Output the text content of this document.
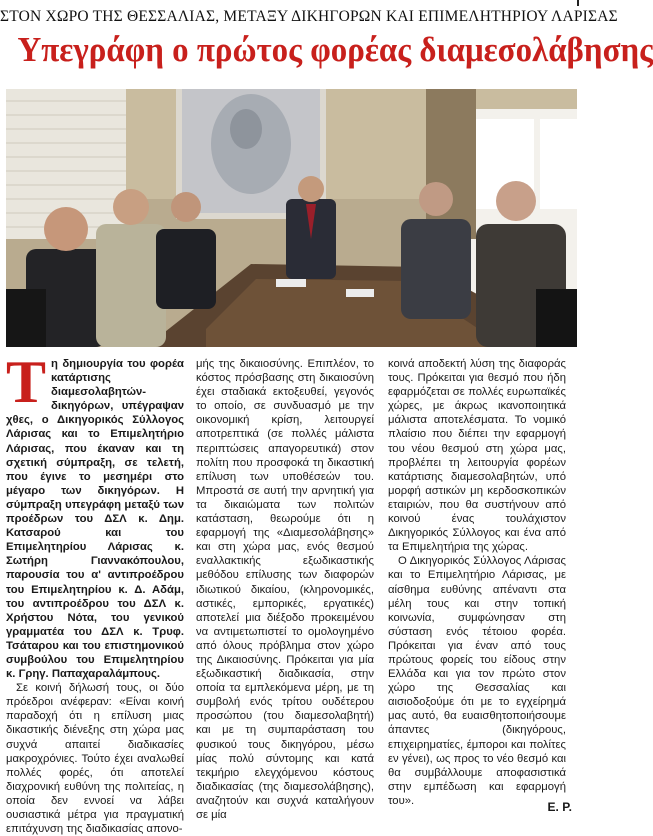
ΣΤΟΝ ΧΩΡΟ ΤΗΣ ΘΕΣΣΑΛΙΑΣ, ΜΕΤΑΞΥ ΔΙΚΗΓΟΡΩΝ ΚΑΙ ΕΠΙΜΕΛΗΤΗΡΙΟΥ ΛΑΡΙΣΑΣ
Υπεγράφη ο πρώτος φορέας διαμεσολάβησης

Τη δημιουργία του φορέα κατάρτισης διαμεσολαβητών-δικηγόρων, υπέγραψαν χθες, ο Δικηγορικός Σύλλογος Λάρισας και το Επιμελητήριο Λάρισας, που έκαναν και τη σχετική σύμπραξη, σε τελετή, που έγινε το μεσημέρι στο μέγαρο των δικηγόρων. Η σύμπραξη υπεγράφη μεταξύ των προέδρων του ΔΣΛ κ. Δημ. Κατσαρού και του Επιμελητηρίου Λάρισας κ. Σωτήρη Γιαννακόπουλου, παρουσία του α' αντιπροέδρου του Επιμελητηρίου κ. Δ. Αδάμ, του αντιπροέδρου του ΔΣΛ κ. Χρήστου Νότα, του γενικού γραμματέα του ΔΣΛ κ. Τρυφ. Τσάταρου και του επιστημονικού συμβούλου του Επιμελητηρίου κ. Γρηγ. Παπαχαραλάμπους.

Σε κοινή δήλωσή τους, οι δύο πρόεδροι ανέφεραν: «Είναι κοινή παραδοχή ότι η επίλυση μιας δικαστικής διένεξης στη χώρα μας συχνά απαιτεί διαδικασίες μακροχρόνιες. Τούτο έχει αναλωθεί πολλές φορές, ότι αποτελεί διαχρονική ευθύνη της πολιτείας, η οποία δεν εννοεί να λάβει ουσιαστικά μέτρα για πραγματική επιτάχυνση της διαδικασίας απονο-

μής της δικαιοσύνης. Επιπλέον, το κόστος πρόσβασης στη δικαιοσύνη έχει σταδιακά εκτοξευθεί, γεγονός το οποίο, σε συνδυασμό με την οικονομική κρίση, λειτουργεί αποτρεπτικά (σε πολλές μάλιστα περιπτώσεις απαγορευτικά) στον πολίτη που προσφοκά τη δικαστική επίλυση των υποθέσεών του. Μπροστά σε αυτή την αρνητική για τα δικαιώματα των πολιτών κατάσταση, θεωρούμε ότι η εφαρμογή της «Διαμεσολάβησης» και στη χώρα μας, ενός θεσμού εναλλακτικής εξωδικαστικής μεθόδου επίλυσης των διαφορών ιδιωτικού δικαίου, (κληρονομικές, αστικές, εμπορικές, εργατικές) αποτελεί μια διέξοδο προκειμένου να αντιμετωπιστεί το ομολογημένο από όλους πρόβλημα στον χώρο της Δικαιοσύνης. Πρόκειται για μία εξωδικαστική διαδικασία, στην οποία τα εμπλεκόμενα μέρη, με τη συμβολή ενός τρίτου ουδέτερου προσώπου (του διαμεσολαβητή) και με τη συμπαράσταση του φυσικού τους δικηγόρου, μέσω μίας πολύ σύντομης και κατά τεκμήριο ελεγχόμενου κόστους διαδικασίας (της διαμεσολάβησης), αναζητούν και συχνά καταλήγουν σε μία

κοινά αποδεκτή λύση της διαφοράς τους. Πρόκειται για θεσμό που ήδη εφαρμόζεται σε πολλές ευρωπαϊκές χώρες, με άκρως ικανοποιητικά μάλιστα αποτελέσματα. Το νομικό πλαίσιο που διέπει την εφαρμογή του νέου θεσμού στη χώρα μας, προβλέπει τη λειτουργία φορέων κατάρτισης διαμεσολαβητών, υπό μορφή αστικών μη κερδοσκοπικών εταιριών, που θα συστήνουν από κοινού ένας τουλάχιστον Δικηγορικός Σύλλογος και ένα από τα Επιμελητήρια της χώρας.

Ο Δικηγορικός Σύλλογος Λάρισας και το Επιμελητήριο Λάρισας, με αίσθημα ευθύνης απέναντι στα μέλη τους και στην τοπική κοινωνία, συμφώνησαν στη σύσταση ενός τέτοιου φορέα. Πρόκειται για έναν από τους πρώτους φορείς του είδους στην Ελλάδα και για τον πρώτο στον χώρο της Θεσσαλίας και αισιοδοξούμε ότι με το εγχείρημά μας αυτό, θα ευαισθητοποιήσουμε άπαντες (δικηγόρους, επιχειρηματίες, έμποροι και πολίτες εν γένει), ως προς το νέο θεσμό και θα συμβάλλουμε αποφασιστικά στην εμπέδωση και εφαρμογή του».	Ε. Ρ.
